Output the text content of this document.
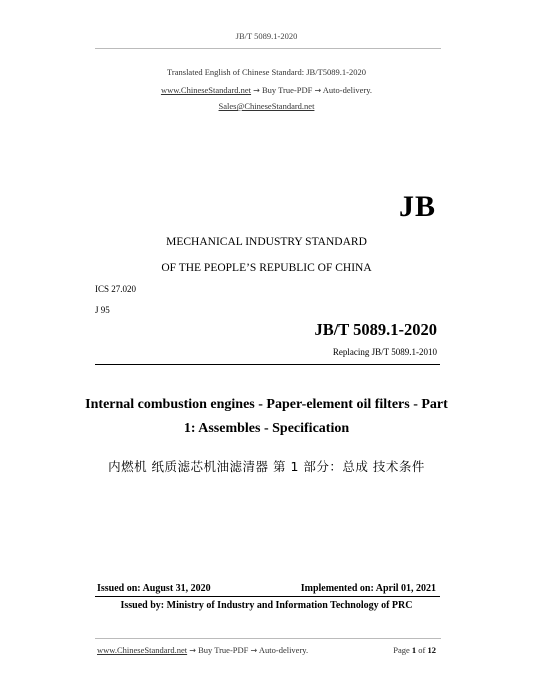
JB/T 5089.1-2020
Translated English of Chinese Standard: JB/T5089.1-2020
www.ChineseStandard.net → Buy True-PDF → Auto-delivery.
Sales@ChineseStandard.net
JB
MECHANICAL INDUSTRY STANDARD
OF THE PEOPLE’S REPUBLIC OF CHINA
ICS 27.020
J 95
JB/T 5089.1-2020
Replacing JB/T 5089.1-2010
Internal combustion engines - Paper-element oil filters - Part
1: Assembles - Specification
内燃机 纸质滤芯机油滤清器 第 1 部分：总成 技术条件
Issued on: August 31, 2020	Implemented on: April 01, 2021
Issued by: Ministry of Industry and Information Technology of PRC
www.ChineseStandard.net → Buy True-PDF → Auto-delivery.	Page 1 of 12
